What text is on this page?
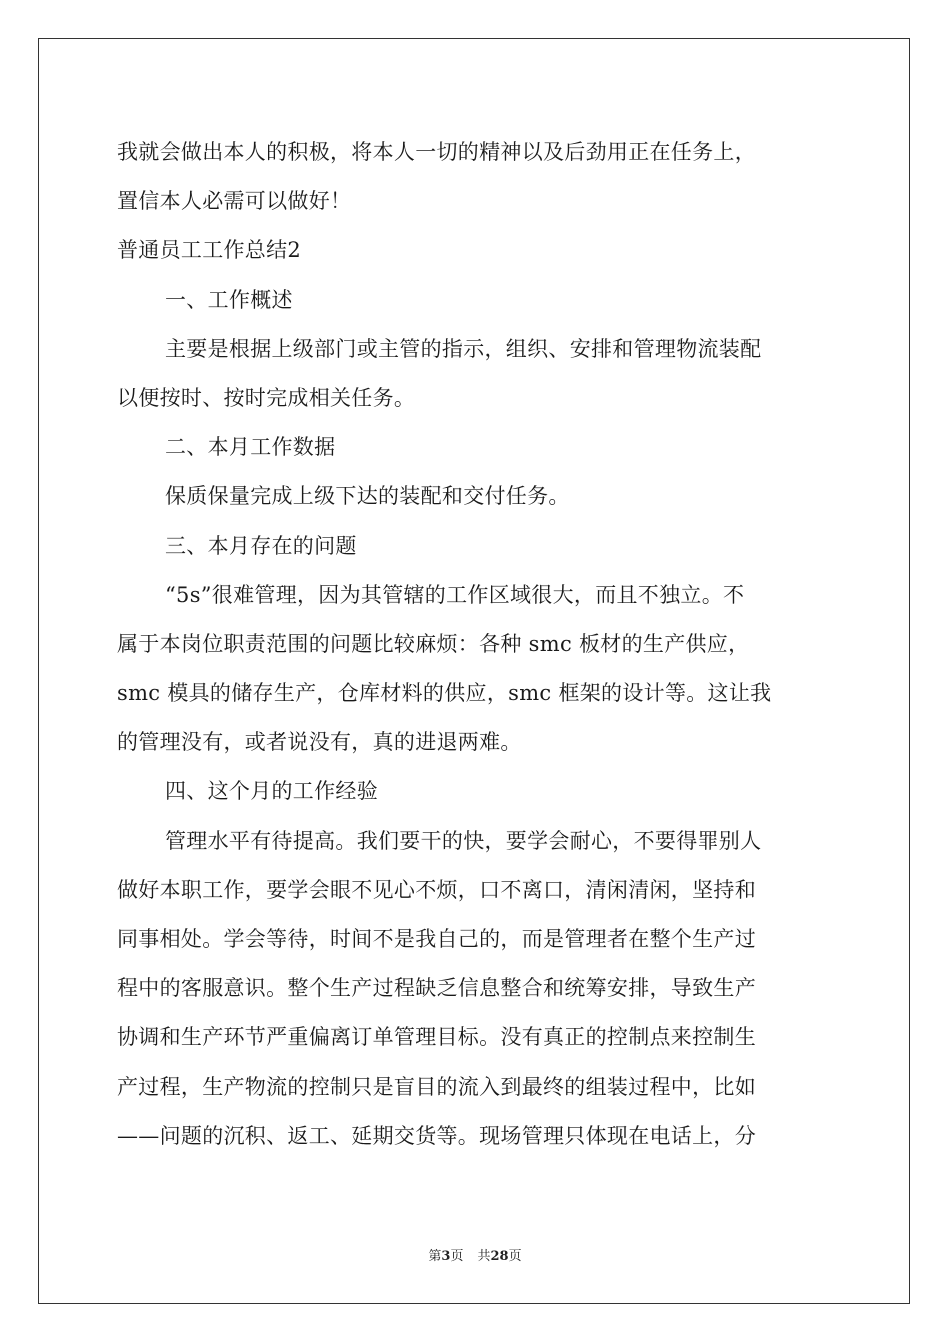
我就会做出本人的积极，将本人一切的精神以及后劲用正在任务上，
置信本人必需可以做好！
普通员工工作总结2
一、工作概述
主要是根据上级部门或主管的指示，组织、安排和管理物流装配
以便按时、按时完成相关任务。
二、本月工作数据
保质保量完成上级下达的装配和交付任务。
三、本月存在的问题
“5s”很难管理，因为其管辖的工作区域很大，而且不独立。不
属于本岗位职责范围的问题比较麻烦：各种 smc 板材的生产供应，
smc 模具的储存生产，仓库材料的供应，smc 框架的设计等。这让我
的管理没有，或者说没有，真的进退两难。
四、这个月的工作经验
管理水平有待提高。我们要干的快，要学会耐心，不要得罪别人
做好本职工作，要学会眼不见心不烦，口不离口，清闲清闲，坚持和
同事相处。学会等待，时间不是我自己的，而是管理者在整个生产过
程中的客服意识。整个生产过程缺乏信息整合和统筹安排，导致生产
协调和生产环节严重偏离订单管理目标。没有真正的控制点来控制生
产过程，生产物流的控制只是盲目的流入到最终的组装过程中，比如
——问题的沉积、返工、延期交货等。现场管理只体现在电话上，分
第3页 共28页
